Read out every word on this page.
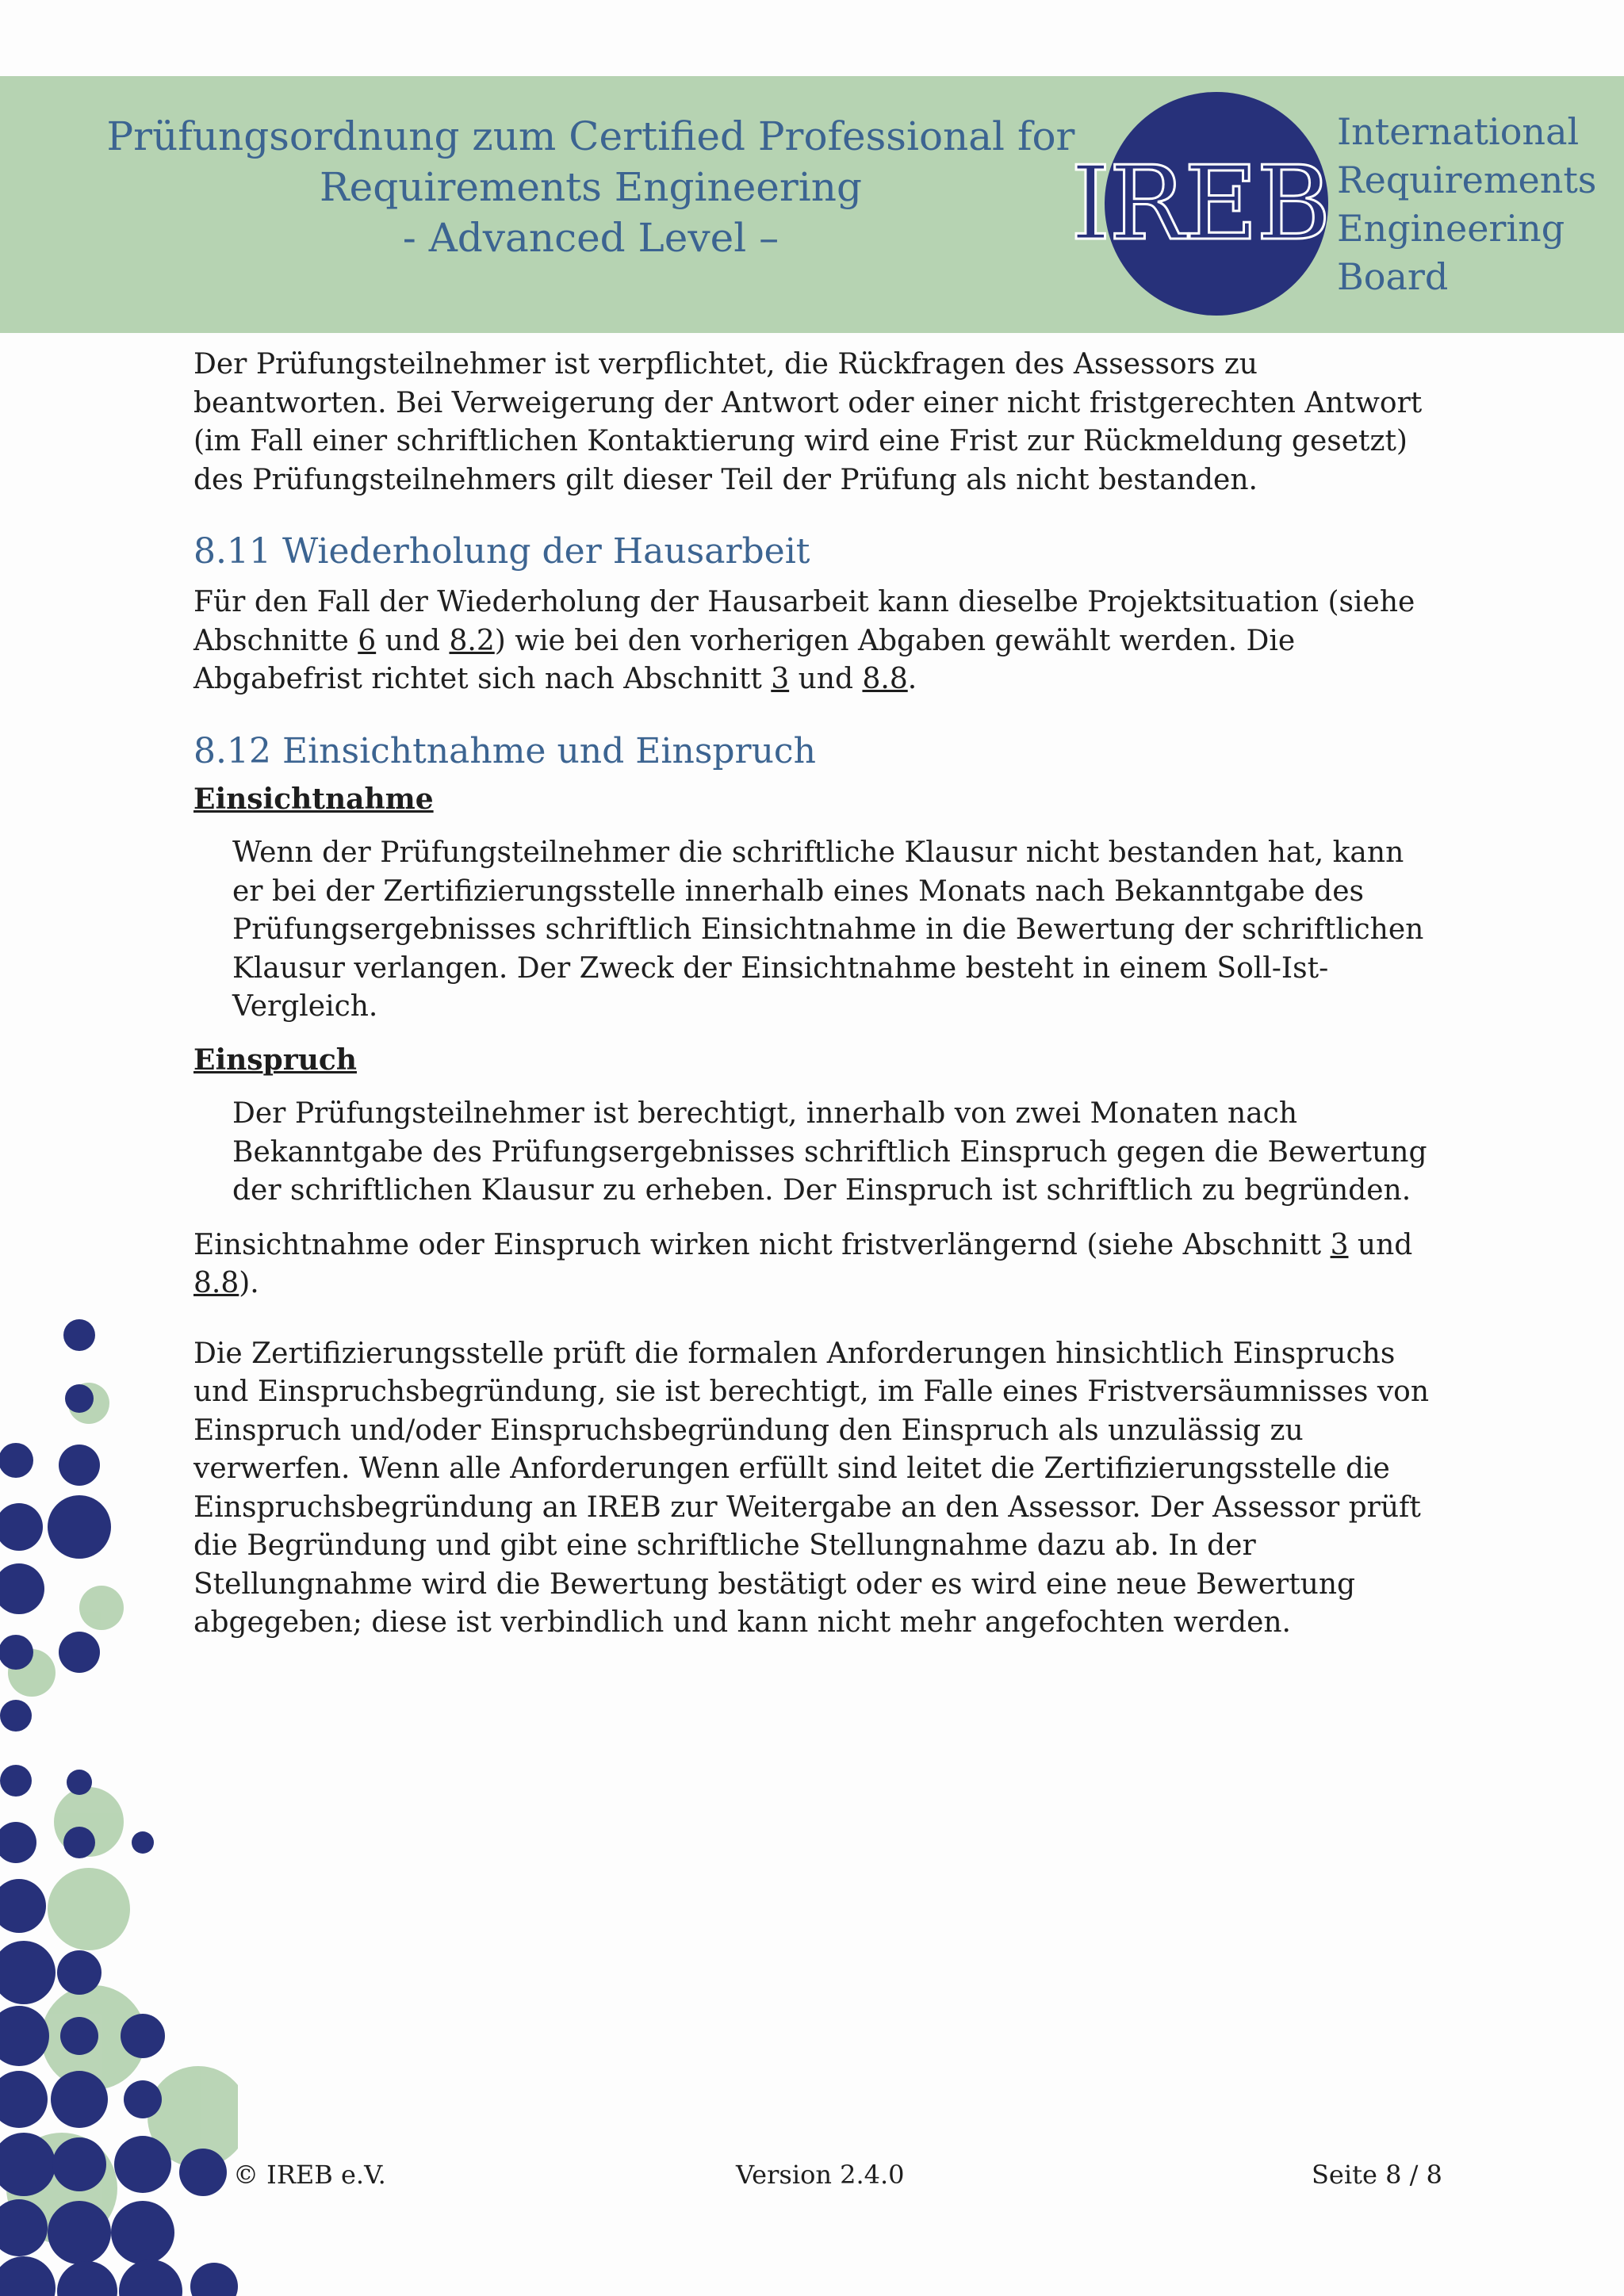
Prüfungsordnung zum Certified Professional for
Requirements Engineering
- Advanced Level –	IREB
International
Requirements
Engineering
Board

Der Prüfungsteilnehmer ist verpflichtet, die Rückfragen des Assessors zu beantworten. Bei Verweigerung der Antwort oder einer nicht fristgerechten Antwort (im Fall einer schriftlichen Kontaktierung wird eine Frist zur Rückmeldung gesetzt) des Prüfungsteilnehmers gilt dieser Teil der Prüfung als nicht bestanden.

8.11 Wiederholung der Hausarbeit

Für den Fall der Wiederholung der Hausarbeit kann dieselbe Projektsituation (siehe Abschnitte 6 und 8.2) wie bei den vorherigen Abgaben gewählt werden. Die Abgabefrist richtet sich nach Abschnitt 3 und 8.8.

8.12 Einsichtnahme und Einspruch

Einsichtnahme

Wenn der Prüfungsteilnehmer die schriftliche Klausur nicht bestanden hat, kann er bei der Zertifizierungsstelle innerhalb eines Monats nach Bekanntgabe des Prüfungsergebnisses schriftlich Einsichtnahme in die Bewertung der schriftlichen Klausur verlangen. Der Zweck der Einsichtnahme besteht in einem Soll-Ist-Vergleich.

Einspruch

Der Prüfungsteilnehmer ist berechtigt, innerhalb von zwei Monaten nach Bekanntgabe des Prüfungsergebnisses schriftlich Einspruch gegen die Bewertung der schriftlichen Klausur zu erheben. Der Einspruch ist schriftlich zu begründen.

Einsichtnahme oder Einspruch wirken nicht fristverlängernd (siehe Abschnitt 3 und 8.8).

Die Zertifizierungsstelle prüft die formalen Anforderungen hinsichtlich Einspruchs und Einspruchsbegründung, sie ist berechtigt, im Falle eines Fristversäumnisses von Einspruch und/oder Einspruchsbegründung den Einspruch als unzulässig zu verwerfen. Wenn alle Anforderungen erfüllt sind leitet die Zertifizierungsstelle die Einspruchsbegründung an IREB zur Weitergabe an den Assessor. Der Assessor prüft die Begründung und gibt eine schriftliche Stellungnahme dazu ab. In der Stellungnahme wird die Bewertung bestätigt oder es wird eine neue Bewertung abgegeben; diese ist verbindlich und kann nicht mehr angefochten werden.

© IREB e.V.	Version 2.4.0	Seite 8 / 8
